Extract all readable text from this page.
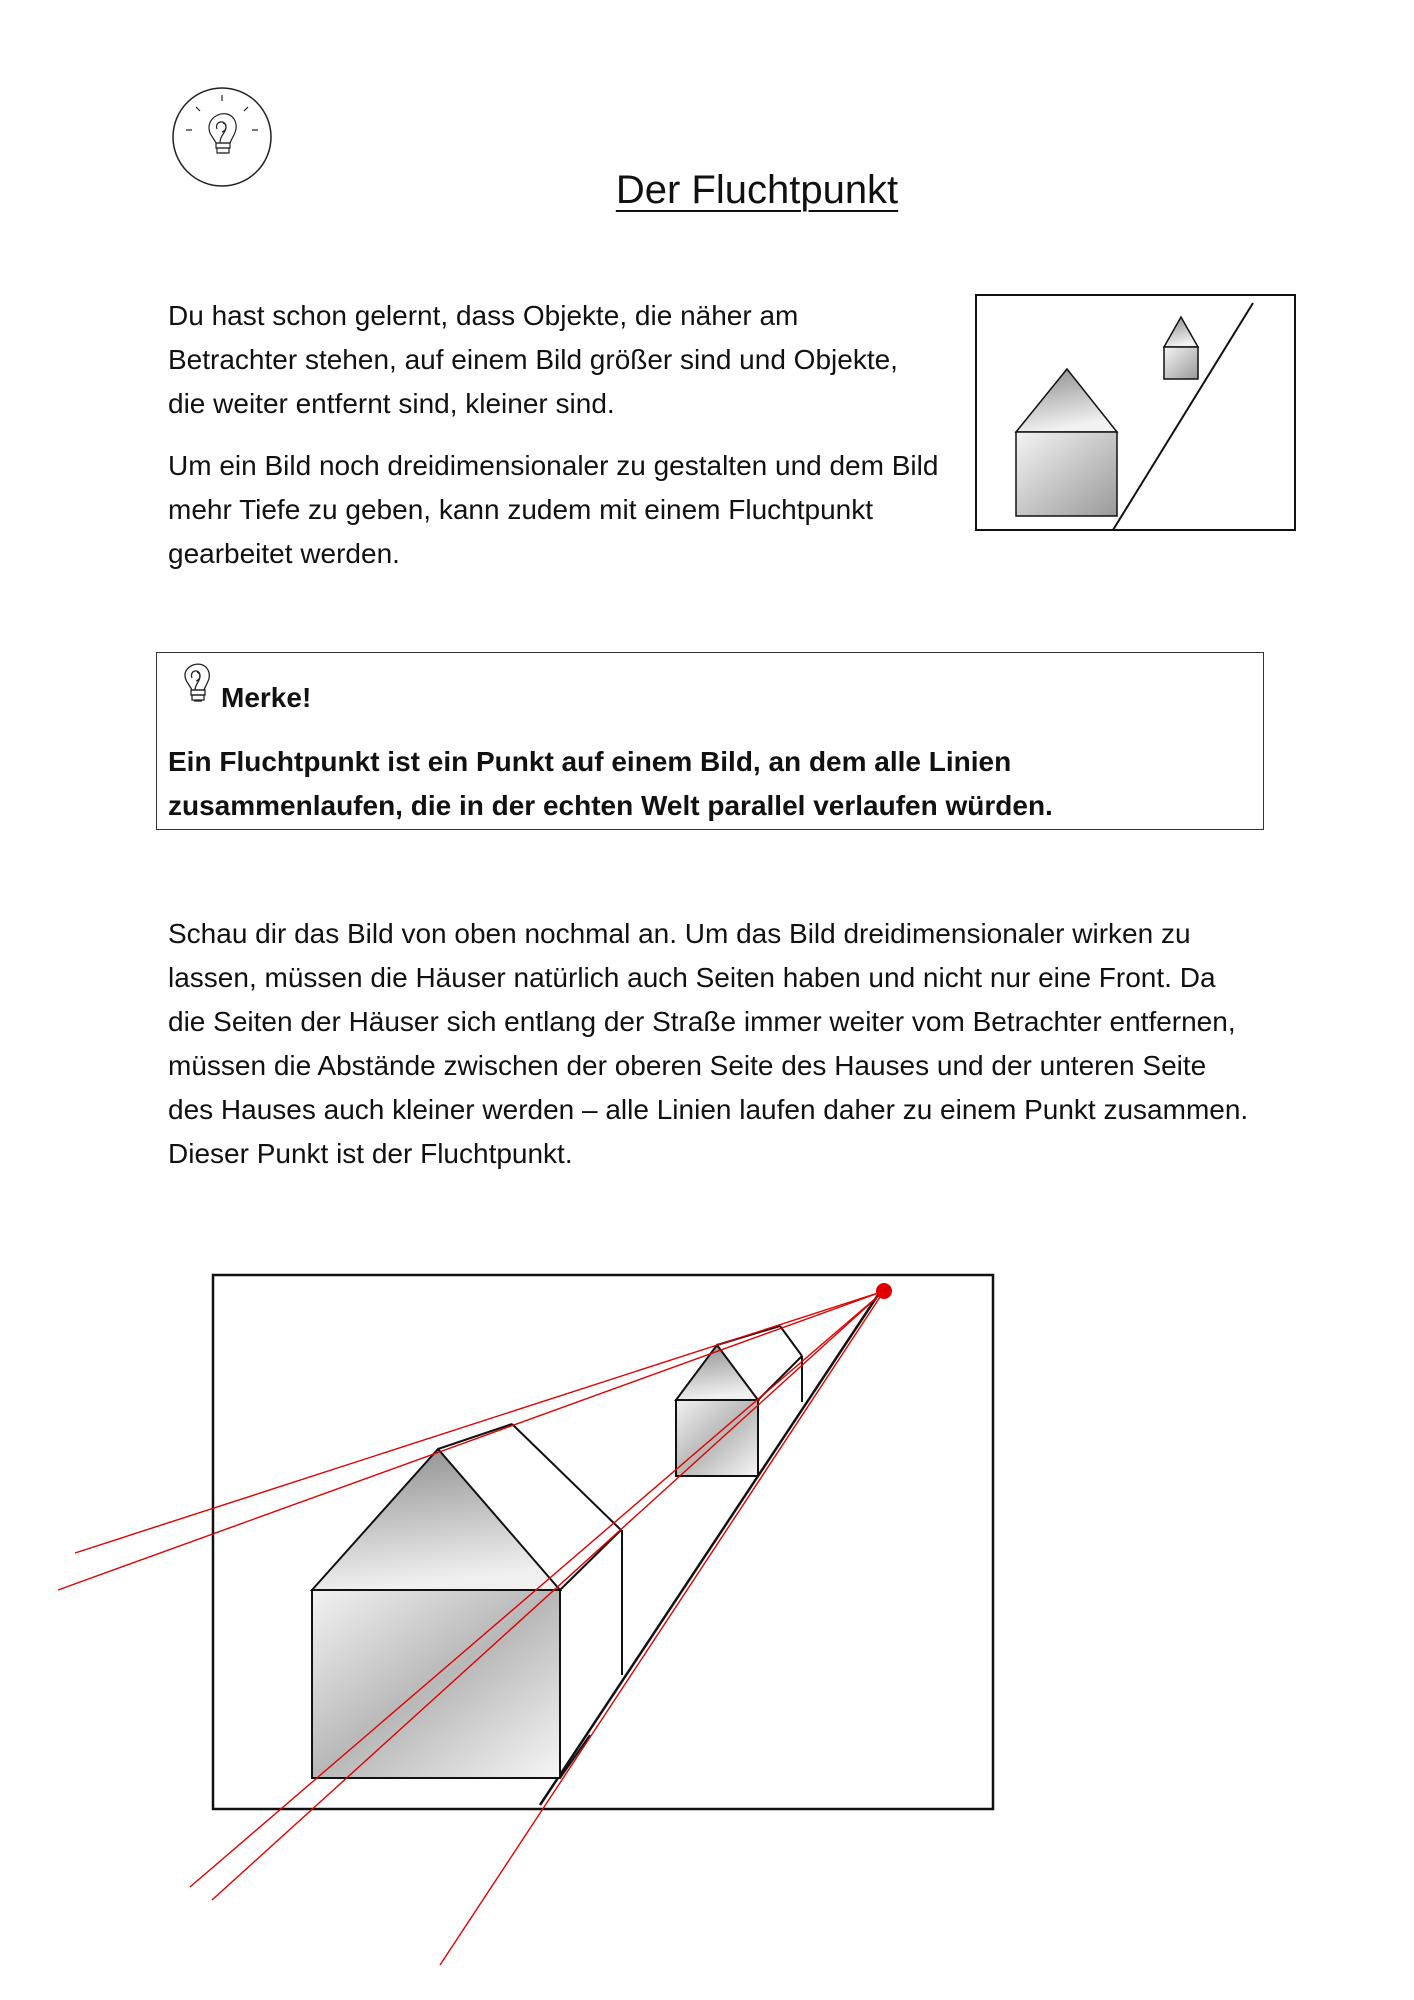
Der Fluchtpunkt

Du hast schon gelernt, dass Objekte, die näher am Betrachter stehen, auf einem Bild größer sind und Objekte, die weiter entfernt sind, kleiner sind.

Um ein Bild noch dreidimensionaler zu gestalten und dem Bild mehr Tiefe zu geben, kann zudem mit einem Fluchtpunkt gearbeitet werden.

Merke!

Ein Fluchtpunkt ist ein Punkt auf einem Bild, an dem alle Linien zusammenlaufen, die in der echten Welt parallel verlaufen würden.

Schau dir das Bild von oben nochmal an. Um das Bild dreidimensionaler wirken zu lassen, müssen die Häuser natürlich auch Seiten haben und nicht nur eine Front. Da die Seiten der Häuser sich entlang der Straße immer weiter vom Betrachter entfernen, müssen die Abstände zwischen der oberen Seite des Hauses und der unteren Seite des Hauses auch kleiner werden – alle Linien laufen daher zu einem Punkt zusammen. Dieser Punkt ist der Fluchtpunkt.
